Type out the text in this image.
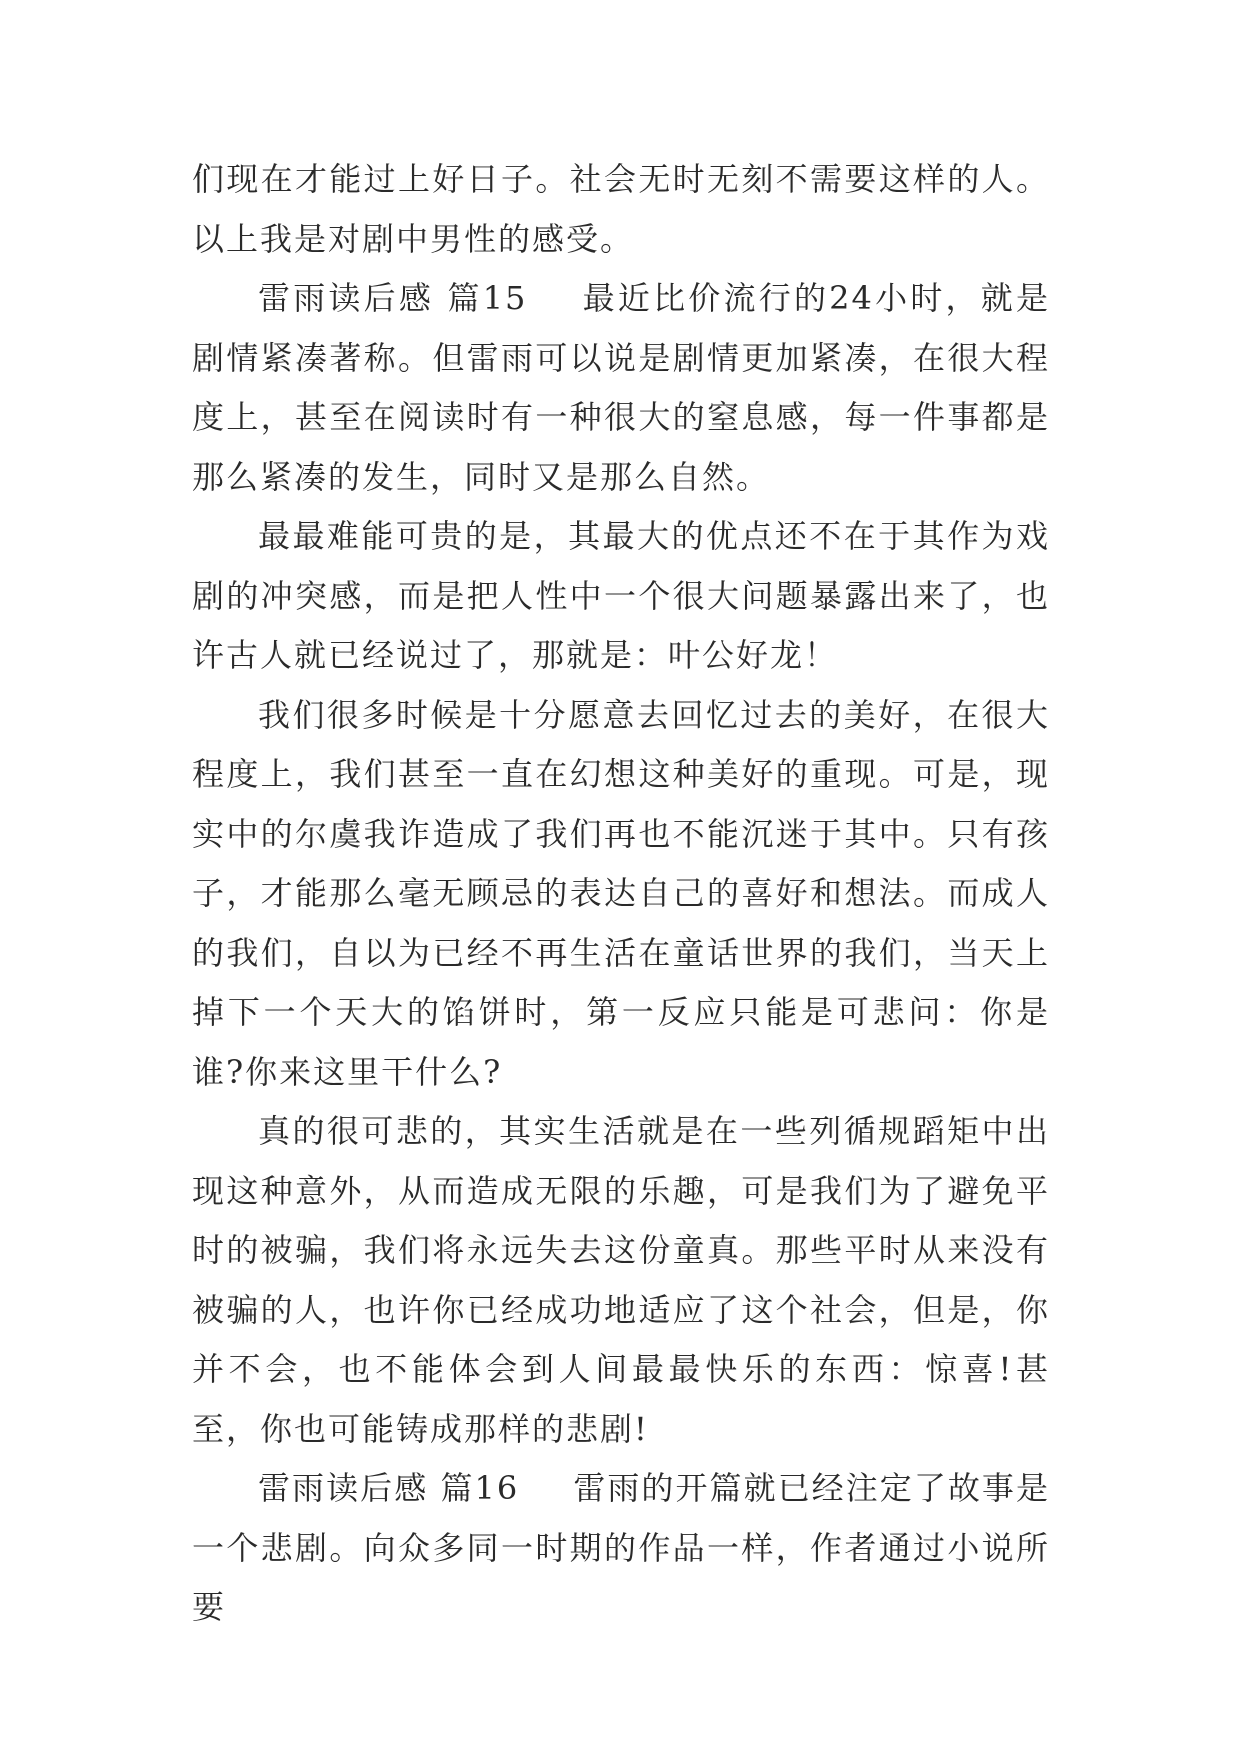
们现在才能过上好日子。社会无时无刻不需要这样的人。以上我是对剧中男性的感受。

雷雨读后感 篇15 最近比价流行的24小时，就是剧情紧凑著称。但雷雨可以说是剧情更加紧凑，在很大程度上，甚至在阅读时有一种很大的窒息感，每一件事都是那么紧凑的发生，同时又是那么自然。

最最难能可贵的是，其最大的优点还不在于其作为戏剧的冲突感，而是把人性中一个很大问题暴露出来了，也许古人就已经说过了，那就是：叶公好龙！

我们很多时候是十分愿意去回忆过去的美好，在很大程度上，我们甚至一直在幻想这种美好的重现。可是，现实中的尔虞我诈造成了我们再也不能沉迷于其中。只有孩子，才能那么毫无顾忌的表达自己的喜好和想法。而成人的我们，自以为已经不再生活在童话世界的我们，当天上掉下一个天大的馅饼时，第一反应只能是可悲问：你是谁?你来这里干什么?

真的很可悲的，其实生活就是在一些列循规蹈矩中出现这种意外，从而造成无限的乐趣，可是我们为了避免平时的被骗，我们将永远失去这份童真。那些平时从来没有被骗的人，也许你已经成功地适应了这个社会，但是，你并不会，也不能体会到人间最最快乐的东西：惊喜!甚至，你也可能铸成那样的悲剧!

雷雨读后感 篇16 雷雨的开篇就已经注定了故事是一个悲剧。向众多同一时期的作品一样，作者通过小说所要
